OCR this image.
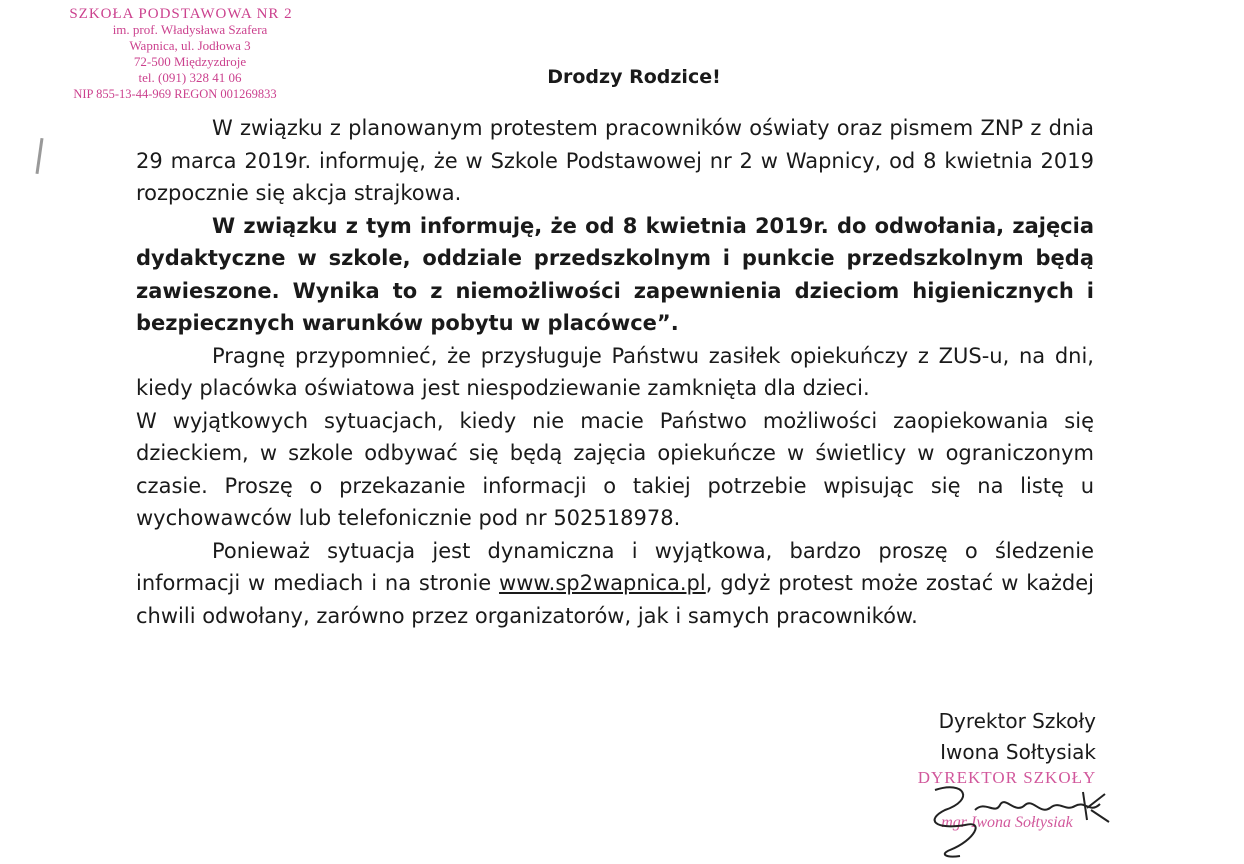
SZKOŁA PODSTAWOWA NR 2
im. prof. Władysława Szafera
Wapnica, ul. Jodłowa 3
72-500 Międzyzdroje
tel. (091) 328 41 06
NIP 855-13-44-969 REGON 001269833
Drodzy Rodzice!

W związku z planowanym protestem pracowników oświaty oraz pismem ZNP z dnia 29 marca 2019r. informuję, że w Szkole Podstawowej nr 2 w Wapnicy, od 8 kwietnia 2019 rozpocznie się akcja strajkowa.

W związku z tym informuję, że od 8 kwietnia 2019r. do odwołania, zajęcia dydaktyczne w szkole, oddziale przedszkolnym i punkcie przedszkolnym będą zawieszone. Wynika to z niemożliwości zapewnienia dzieciom higienicznych i bezpiecznych warunków pobytu w placówce”.

Pragnę przypomnieć, że przysługuje Państwu zasiłek opiekuńczy z ZUS-u, na dni, kiedy placówka oświatowa jest niespodziewanie zamknięta dla dzieci.

W wyjątkowych sytuacjach, kiedy nie macie Państwo możliwości zaopiekowania się dzieckiem, w szkole odbywać się będą zajęcia opiekuńcze w świetlicy w ograniczonym czasie. Proszę o przekazanie informacji o takiej potrzebie wpisując się na listę u wychowawców lub telefonicznie pod nr 502518978.

Ponieważ sytuacja jest dynamiczna i wyjątkowa, bardzo proszę o śledzenie informacji w mediach i na stronie www.sp2wapnica.pl, gdyż protest może zostać w każdej chwili odwołany, zarówno przez organizatorów, jak i samych pracowników.

Dyrektor Szkoły
Iwona Sołtysiak
DYREKTOR SZKOŁY
mgr Iwona Sołtysiak
